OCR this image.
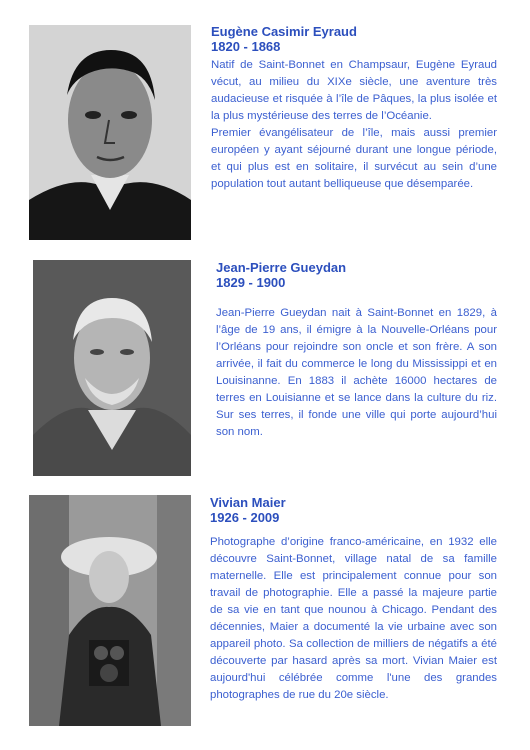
Eugène Casimir Eyraud
1820 - 1868

Natif de Saint-Bonnet en Champsaur, Eugène Eyraud vécut, au milieu du XIXe siècle, une aventure très audacieuse et risquée à l’île de Pâques, la plus isolée et la plus mystérieuse des terres de l’Océanie.

Premier évangélisateur de l’île, mais aussi premier européen y ayant séjourné durant une longue période, et qui plus est en solitaire, il survécut au sein d’une population tout autant belliqueuse que désemparée.

Jean-Pierre Gueydan
1829 - 1900

Jean-Pierre Gueydan nait à Saint-Bonnet en 1829, à l’âge de 19 ans, il émigre à la Nouvelle-Orléans pour l’Orléans pour rejoindre son oncle et son frère. A son arrivée, il fait du commerce le long du Mississippi et en Louisinanne. En 1883 il achète 16000 hectares de terres en Louisianne et se lance dans la culture du riz. Sur ses terres, il fonde une ville qui porte aujourd’hui son nom.

Vivian Maier
1926 - 2009

Photographe d’origine franco-américaine, en 1932 elle découvre Saint-Bonnet, village natal de sa famille maternelle. Elle est principalement connue pour son travail de photographie. Elle a passé la majeure partie de sa vie en tant que nounou à Chicago. Pendant des décennies, Maier a documenté la vie urbaine avec son appareil photo. Sa collection de milliers de négatifs a été découverte par hasard après sa mort. Vivian Maier est aujourd'hui célébrée comme l'une des grandes photographes de rue du 20e siècle.
